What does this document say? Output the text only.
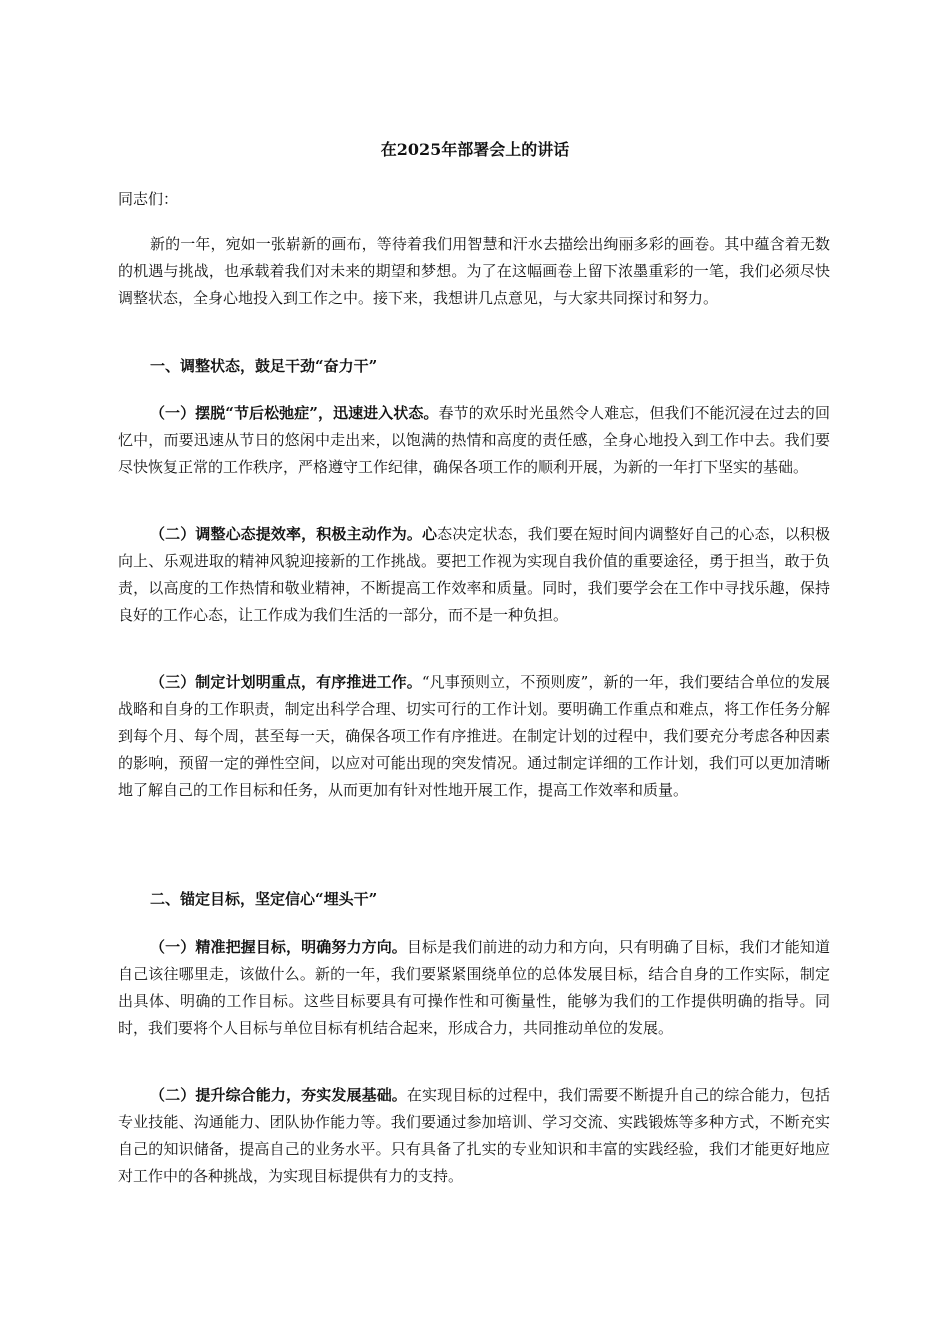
在2025年部署会上的讲话
同志们：
新的一年，宛如一张崭新的画布，等待着我们用智慧和汗水去描绘出绚丽多彩的画卷。其中蕴含着无数的机遇与挑战，也承载着我们对未来的期望和梦想。为了在这幅画卷上留下浓墨重彩的一笔，我们必须尽快调整状态，全身心地投入到工作之中。接下来，我想讲几点意见，与大家共同探讨和努力。
一、调整状态，鼓足干劲“奋力干”
（一）摆脱“节后松弛症”，迅速进入状态。春节的欢乐时光虽然令人难忘，但我们不能沉浸在过去的回忆中，而要迅速从节日的悠闲中走出来，以饱满的热情和高度的责任感，全身心地投入到工作中去。我们要尽快恢复正常的工作秩序，严格遵守工作纪律，确保各项工作的顺利开展，为新的一年打下坚实的基础。
（二）调整心态提效率，积极主动作为。心态决定状态，我们要在短时间内调整好自己的心态，以积极向上、乐观进取的精神风貌迎接新的工作挑战。要把工作视为实现自我价值的重要途径，勇于担当，敢于负责，以高度的工作热情和敬业精神，不断提高工作效率和质量。同时，我们要学会在工作中寻找乐趣，保持良好的工作心态，让工作成为我们生活的一部分，而不是一种负担。
（三）制定计划明重点，有序推进工作。“凡事预则立，不预则废”，新的一年，我们要结合单位的发展战略和自身的工作职责，制定出科学合理、切实可行的工作计划。要明确工作重点和难点，将工作任务分解到每个月、每个周，甚至每一天，确保各项工作有序推进。在制定计划的过程中，我们要充分考虑各种因素的影响，预留一定的弹性空间，以应对可能出现的突发情况。通过制定详细的工作计划，我们可以更加清晰地了解自己的工作目标和任务，从而更加有针对性地开展工作，提高工作效率和质量。
二、锚定目标，坚定信心“埋头干”
（一）精准把握目标，明确努力方向。目标是我们前进的动力和方向，只有明确了目标，我们才能知道自己该往哪里走，该做什么。新的一年，我们要紧紧围绕单位的总体发展目标，结合自身的工作实际，制定出具体、明确的工作目标。这些目标要具有可操作性和可衡量性，能够为我们的工作提供明确的指导。同时，我们要将个人目标与单位目标有机结合起来，形成合力，共同推动单位的发展。
（二）提升综合能力，夯实发展基础。在实现目标的过程中，我们需要不断提升自己的综合能力，包括专业技能、沟通能力、团队协作能力等。我们要通过参加培训、学习交流、实践锻炼等多种方式，不断充实自己的知识储备，提高自己的业务水平。只有具备了扎实的专业知识和丰富的实践经验，我们才能更好地应对工作中的各种挑战，为实现目标提供有力的支持。
